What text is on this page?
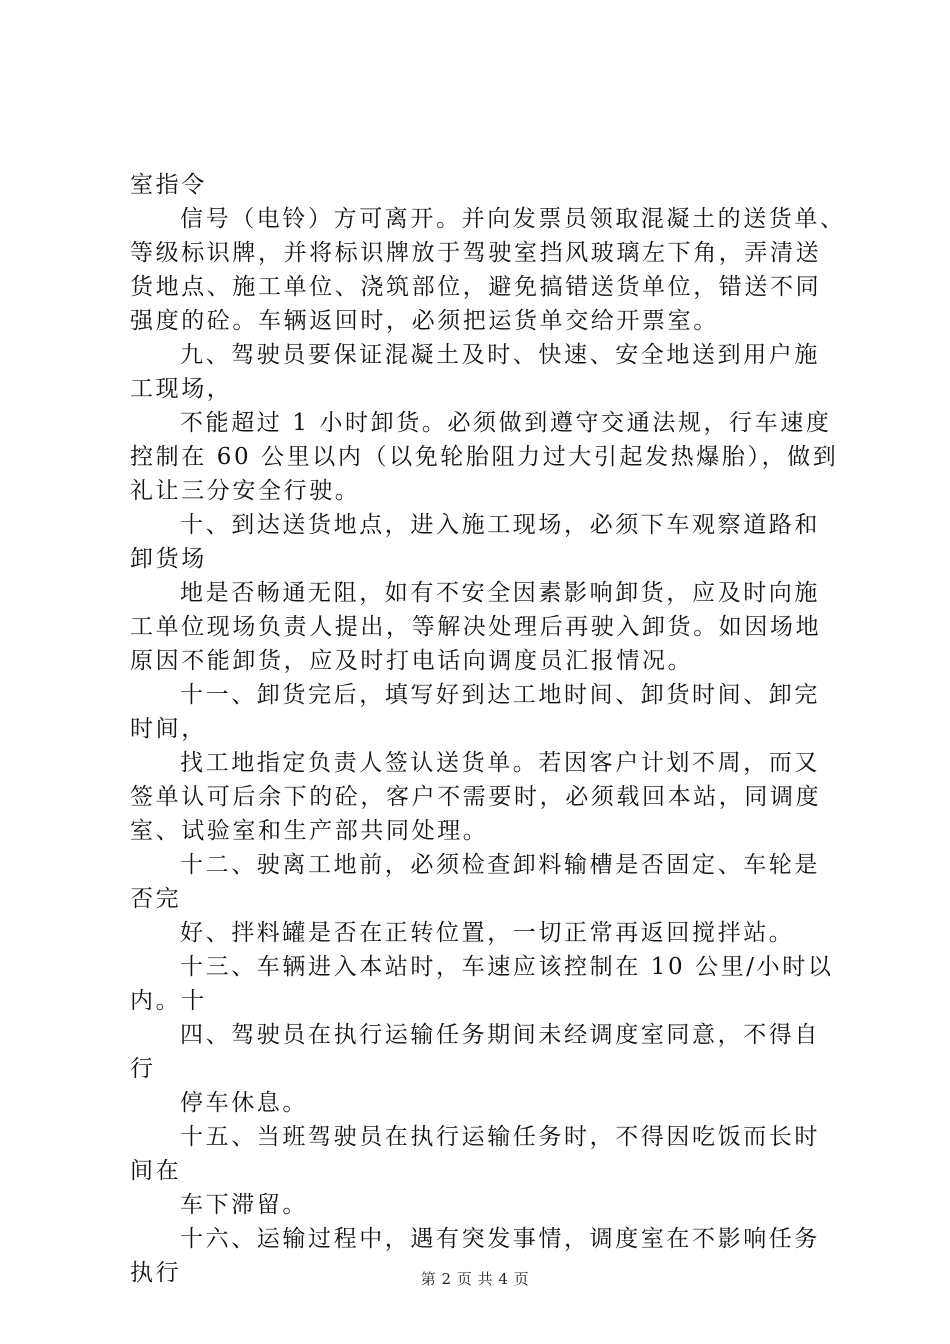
室指令
信号（电铃）方可离开。并向发票员领取混凝土的送货单、
等级标识牌，并将标识牌放于驾驶室挡风玻璃左下角，弄清送
货地点、施工单位、浇筑部位，避免搞错送货单位，错送不同
强度的砼。车辆返回时，必须把运货单交给开票室。
九、驾驶员要保证混凝土及时、快速、安全地送到用户施
工现场，
不能超过 1 小时卸货。必须做到遵守交通法规，行车速度
控制在 60 公里以内（以免轮胎阻力过大引起发热爆胎），做到
礼让三分安全行驶。
十、到达送货地点，进入施工现场，必须下车观察道路和
卸货场
地是否畅通无阻，如有不安全因素影响卸货，应及时向施
工单位现场负责人提出，等解决处理后再驶入卸货。如因场地
原因不能卸货，应及时打电话向调度员汇报情况。
十一、卸货完后，填写好到达工地时间、卸货时间、卸完
时间，
找工地指定负责人签认送货单。若因客户计划不周，而又
签单认可后余下的砼，客户不需要时，必须载回本站，同调度
室、试验室和生产部共同处理。
十二、驶离工地前，必须检查卸料输槽是否固定、车轮是
否完
好、拌料罐是否在正转位置，一切正常再返回搅拌站。
十三、车辆进入本站时，车速应该控制在 10 公里/小时以
内。十
四、驾驶员在执行运输任务期间未经调度室同意，不得自
行
停车休息。
十五、当班驾驶员在执行运输任务时，不得因吃饭而长时
间在
车下滞留。
十六、运输过程中，遇有突发事情，调度室在不影响任务
执行	第 2 页 共 4 页
